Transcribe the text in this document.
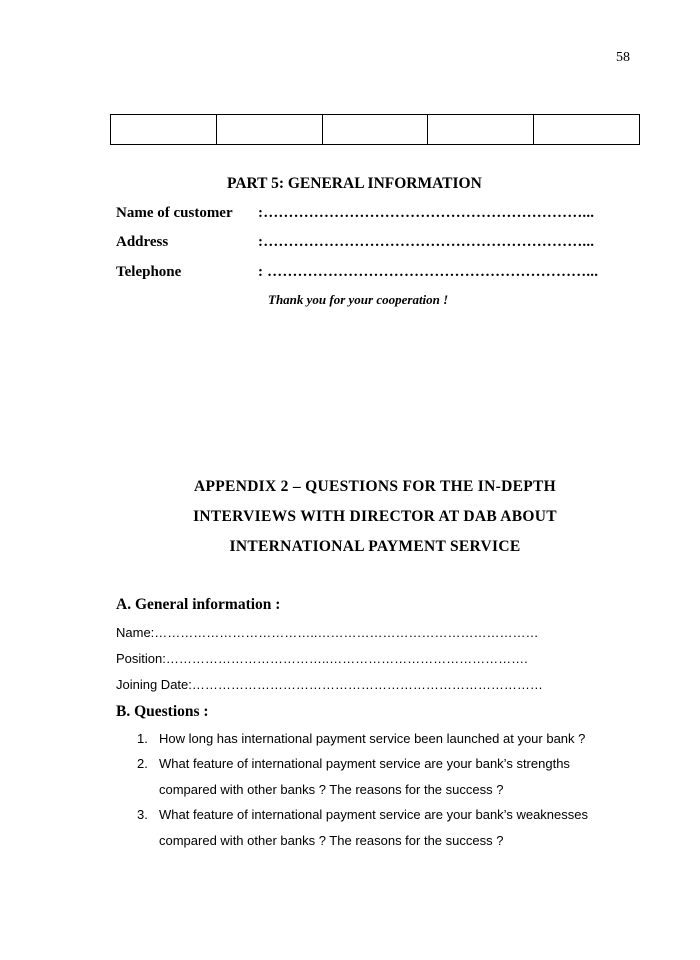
58

PART 5: GENERAL INFORMATION
Name of customer :………………………………………………………...
Address	:………………………………………………………...
Telephone	: ………………………………………………………...
Thank you for your cooperation !
APPENDIX 2 – QUESTIONS FOR THE IN-DEPTH
INTERVIEWS WITH DIRECTOR AT DAB ABOUT
INTERNATIONAL PAYMENT SERVICE
A. General information :
Name:………………………………..……………………………………………
Position:………………………………..……………………………………….
Joining Date:………………………………………………………………………
B. Questions :
1. How long has international payment service been launched at your bank ?
2. What feature of international payment service are your bank’s strengths
compared with other banks ? The reasons for the success ?
3. What feature of international payment service are your bank’s weaknesses
compared with other banks ? The reasons for the success ?
